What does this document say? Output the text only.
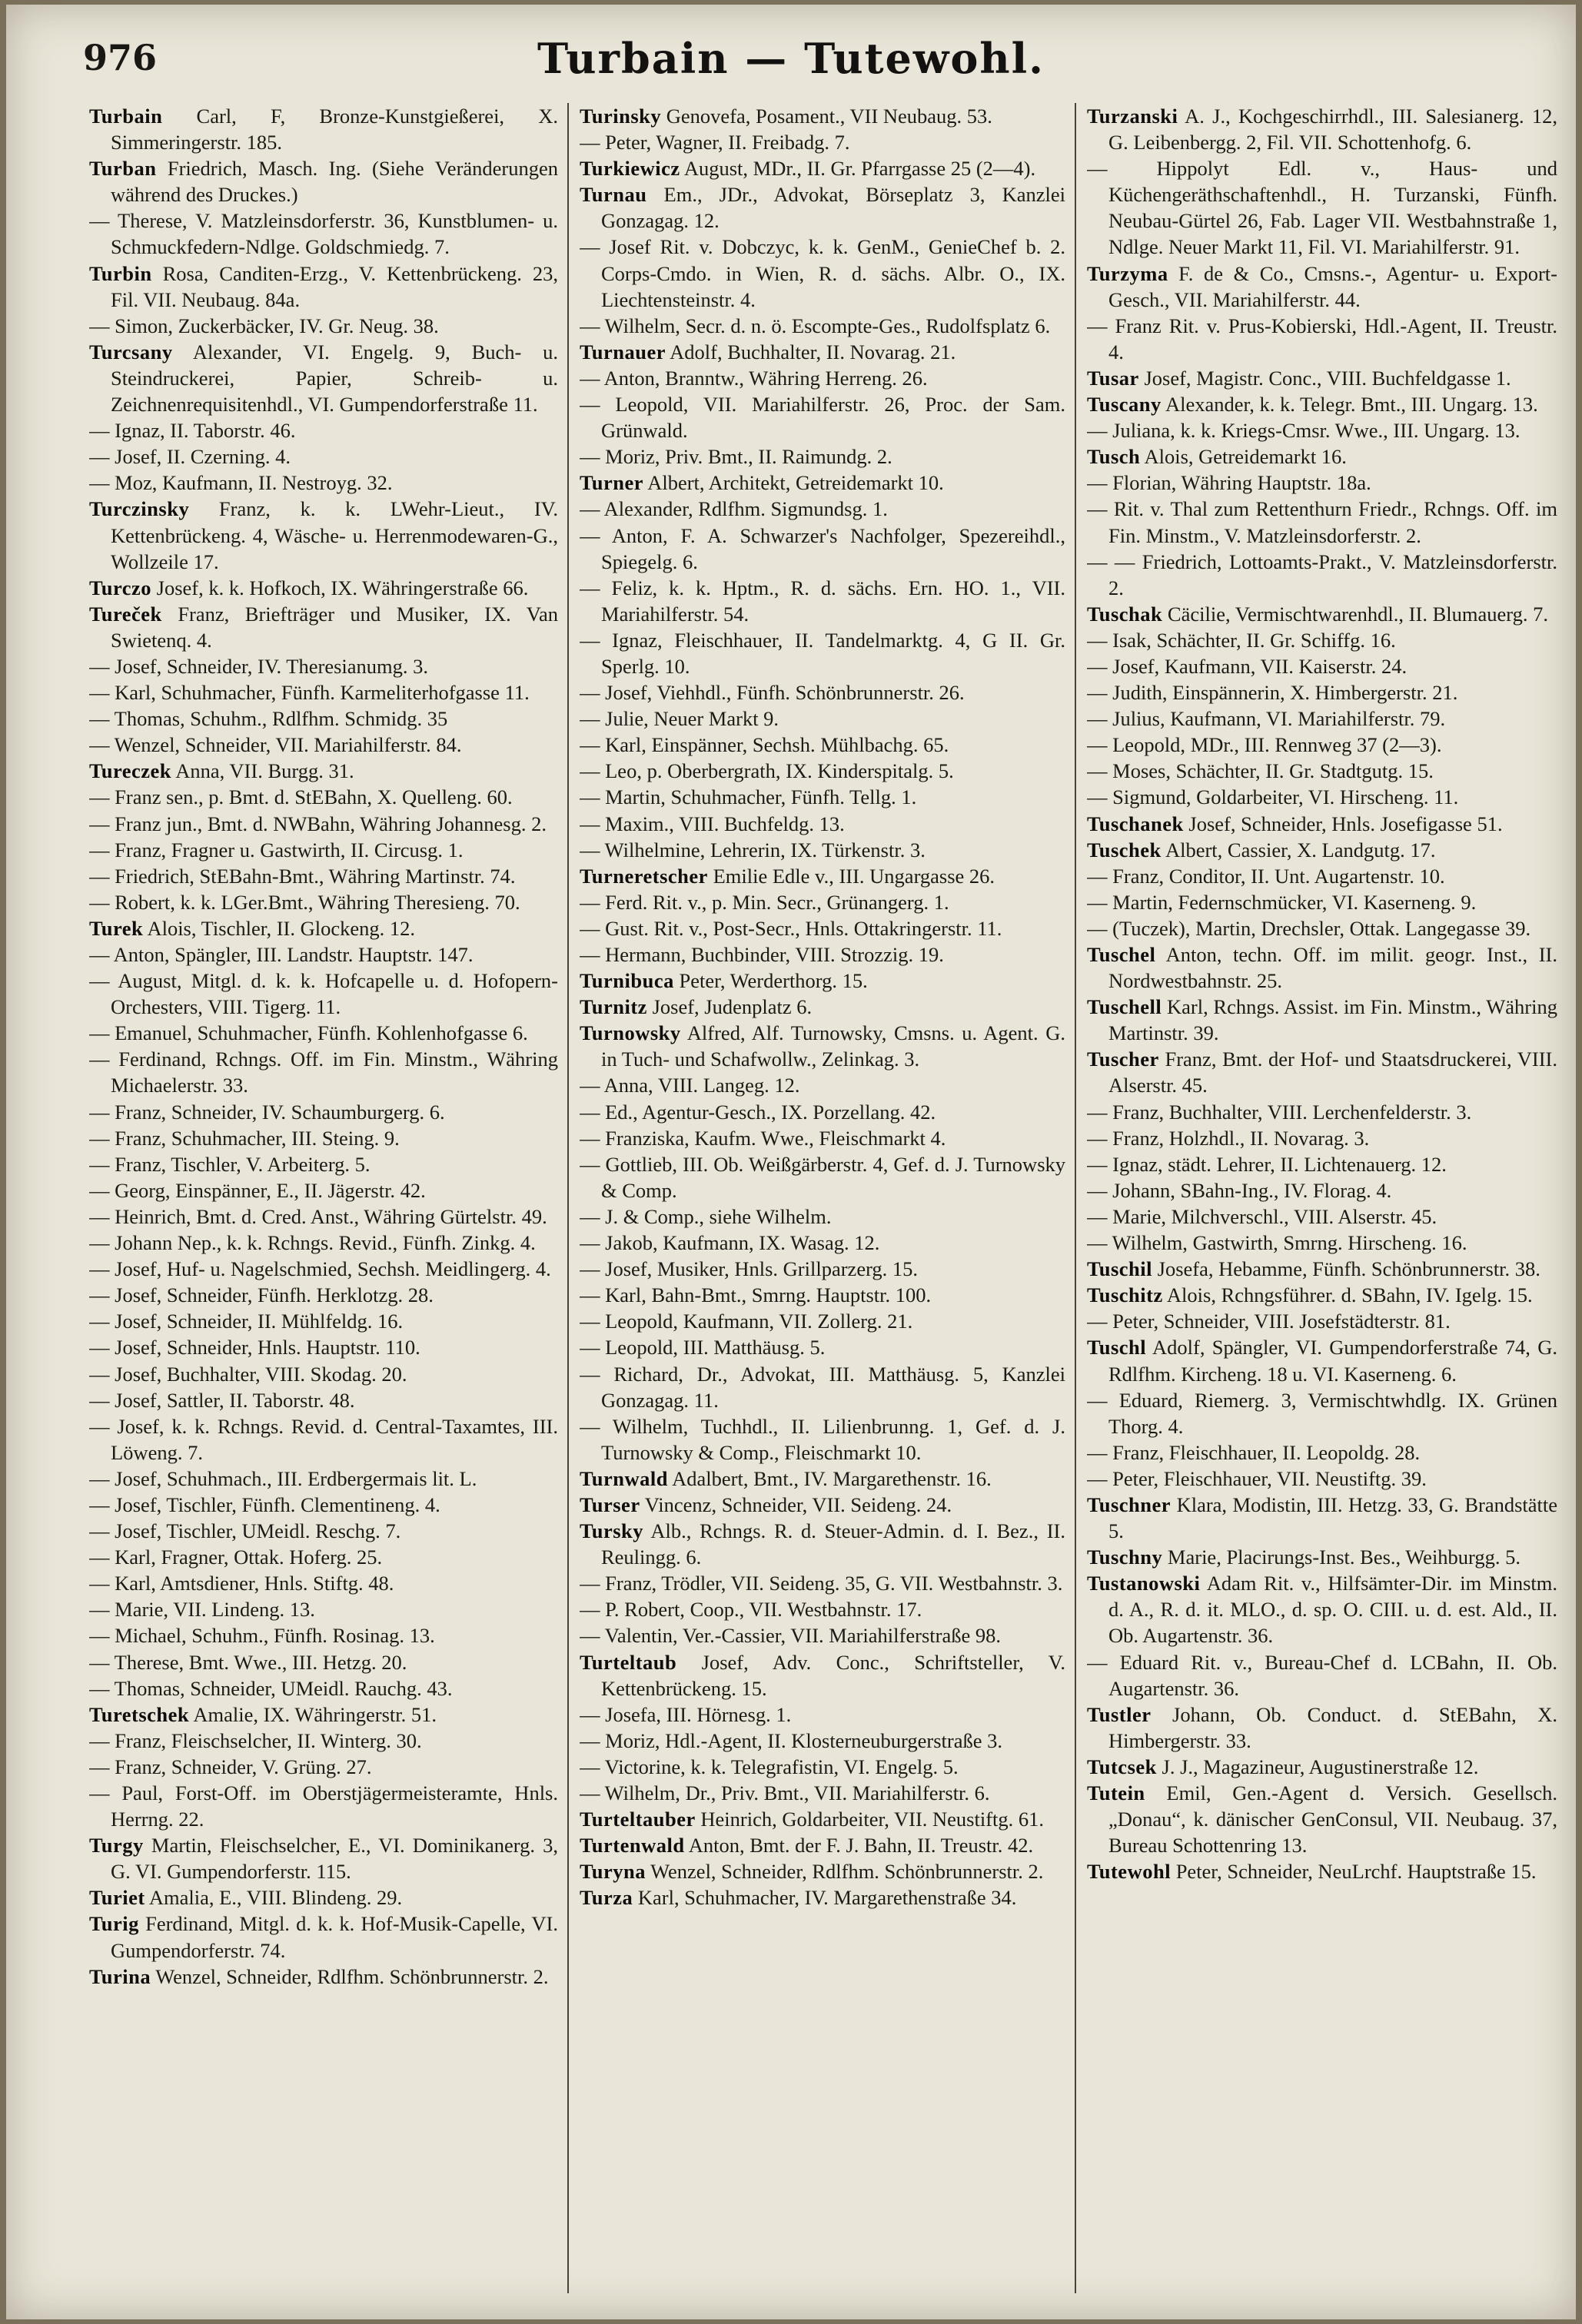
976	Turbain — Tutewohl.

Turbain Carl, F, Bronze-Kunstgießerei, X. Simmeringerstr. 185.

Turban Friedrich, Masch. Ing. (Siehe Veränderungen während des Druckes.)

— Therese, V. Matzleinsdorferstr. 36, Kunstblumen- u. Schmuckfedern-Ndlge. Goldschmiedg. 7.

Turbin Rosa, Canditen-Erzg., V. Kettenbrückeng. 23, Fil. VII. Neubaug. 84a.

— Simon, Zuckerbäcker, IV. Gr. Neug. 38.

Turcsany Alexander, VI. Engelg. 9, Buch- u. Steindruckerei, Papier, Schreib- u. Zeichnenrequisitenhdl., VI. Gumpendorferstraße 11.

— Ignaz, II. Taborstr. 46.

— Josef, II. Czerning. 4.

— Moz, Kaufmann, II. Nestroyg. 32.

Turczinsky Franz, k. k. LWehr-Lieut., IV. Kettenbrückeng. 4, Wäsche- u. Herrenmodewaren-G., Wollzeile 17.

Turczo Josef, k. k. Hofkoch, IX. Währingerstraße 66.

Tureček Franz, Briefträger und Musiker, IX. Van Swietenq. 4.

— Josef, Schneider, IV. Theresianumg. 3.

— Karl, Schuhmacher, Fünfh. Karmeliterhofgasse 11.

— Thomas, Schuhm., Rdlfhm. Schmidg. 35

— Wenzel, Schneider, VII. Mariahilferstr. 84.

Tureczek Anna, VII. Burgg. 31.

— Franz sen., p. Bmt. d. StEBahn, X. Quelleng. 60.

— Franz jun., Bmt. d. NWBahn, Währing Johannesg. 2.

— Franz, Fragner u. Gastwirth, II. Circusg. 1.

— Friedrich, StEBahn-Bmt., Währing Martinstr. 74.

— Robert, k. k. LGer.Bmt., Währing Theresieng. 70.

Turek Alois, Tischler, II. Glockeng. 12.

— Anton, Spängler, III. Landstr. Hauptstr. 147.

— August, Mitgl. d. k. k. Hofcapelle u. d. Hofopern-Orchesters, VIII. Tigerg. 11.

— Emanuel, Schuhmacher, Fünfh. Kohlenhofgasse 6.

— Ferdinand, Rchngs. Off. im Fin. Minstm., Währing Michaelerstr. 33.

— Franz, Schneider, IV. Schaumburgerg. 6.

— Franz, Schuhmacher, III. Steing. 9.

— Franz, Tischler, V. Arbeiterg. 5.

— Georg, Einspänner, E., II. Jägerstr. 42.

— Heinrich, Bmt. d. Cred. Anst., Währing Gürtelstr. 49.

— Johann Nep., k. k. Rchngs. Revid., Fünfh. Zinkg. 4.

— Josef, Huf- u. Nagelschmied, Sechsh. Meidlingerg. 4.

— Josef, Schneider, Fünfh. Herklotzg. 28.

— Josef, Schneider, II. Mühlfeldg. 16.

— Josef, Schneider, Hnls. Hauptstr. 110.

— Josef, Buchhalter, VIII. Skodag. 20.

— Josef, Sattler, II. Taborstr. 48.

— Josef, k. k. Rchngs. Revid. d. Central-Taxamtes, III. Löweng. 7.

— Josef, Schuhmach., III. Erdbergermais lit. L.

— Josef, Tischler, Fünfh. Clementineng. 4.

— Josef, Tischler, UMeidl. Reschg. 7.

— Karl, Fragner, Ottak. Hoferg. 25.

— Karl, Amtsdiener, Hnls. Stiftg. 48.

— Marie, VII. Lindeng. 13.

— Michael, Schuhm., Fünfh. Rosinag. 13.

— Therese, Bmt. Wwe., III. Hetzg. 20.

— Thomas, Schneider, UMeidl. Rauchg. 43.

Turetschek Amalie, IX. Währingerstr. 51.

— Franz, Fleischselcher, II. Winterg. 30.

— Franz, Schneider, V. Grüng. 27.

— Paul, Forst-Off. im Oberstjägermeisteramte, Hnls. Herrng. 22.

Turgy Martin, Fleischselcher, E., VI. Dominikanerg. 3, G. VI. Gumpendorferstr. 115.

Turiet Amalia, E., VIII. Blindeng. 29.

Turig Ferdinand, Mitgl. d. k. k. Hof-Musik-Capelle, VI. Gumpendorferstr. 74.

Turina Wenzel, Schneider, Rdlfhm. Schönbrunnerstr. 2.

Turinsky Genovefa, Posament., VII Neubaug. 53.

— Peter, Wagner, II. Freibadg. 7.

Turkiewicz August, MDr., II. Gr. Pfarrgasse 25 (2—4).

Turnau Em., JDr., Advokat, Börseplatz 3, Kanzlei Gonzagag. 12.

— Josef Rit. v. Dobczyc, k. k. GenM., GenieChef b. 2. Corps-Cmdo. in Wien, R. d. sächs. Albr. O., IX. Liechtensteinstr. 4.

— Wilhelm, Secr. d. n. ö. Escompte-Ges., Rudolfsplatz 6.

Turnauer Adolf, Buchhalter, II. Novarag. 21.

— Anton, Branntw., Währing Herreng. 26.

— Leopold, VII. Mariahilferstr. 26, Proc. der Sam. Grünwald.

— Moriz, Priv. Bmt., II. Raimundg. 2.

Turner Albert, Architekt, Getreidemarkt 10.

— Alexander, Rdlfhm. Sigmundsg. 1.

— Anton, F. A. Schwarzer's Nachfolger, Spezereihdl., Spiegelg. 6.

— Feliz, k. k. Hptm., R. d. sächs. Ern. HO. 1., VII. Mariahilferstr. 54.

— Ignaz, Fleischhauer, II. Tandelmarktg. 4, G II. Gr. Sperlg. 10.

— Josef, Viehhdl., Fünfh. Schönbrunnerstr. 26.

— Julie, Neuer Markt 9.

— Karl, Einspänner, Sechsh. Mühlbachg. 65.

— Leo, p. Oberbergrath, IX. Kinderspitalg. 5.

— Martin, Schuhmacher, Fünfh. Tellg. 1.

— Maxim., VIII. Buchfeldg. 13.

— Wilhelmine, Lehrerin, IX. Türkenstr. 3.

Turneretscher Emilie Edle v., III. Ungargasse 26.

— Ferd. Rit. v., p. Min. Secr., Grünangerg. 1.

— Gust. Rit. v., Post-Secr., Hnls. Ottakringerstr. 11.

— Hermann, Buchbinder, VIII. Strozzig. 19.

Turnibuca Peter, Werderthorg. 15.

Turnitz Josef, Judenplatz 6.

Turnowsky Alfred, Alf. Turnowsky, Cmsns. u. Agent. G. in Tuch- und Schafwollw., Zelinkag. 3.

— Anna, VIII. Langeg. 12.

— Ed., Agentur-Gesch., IX. Porzellang. 42.

— Franziska, Kaufm. Wwe., Fleischmarkt 4.

— Gottlieb, III. Ob. Weißgärberstr. 4, Gef. d. J. Turnowsky & Comp.

— J. & Comp., siehe Wilhelm.

— Jakob, Kaufmann, IX. Wasag. 12.

— Josef, Musiker, Hnls. Grillparzerg. 15.

— Karl, Bahn-Bmt., Smrng. Hauptstr. 100.

— Leopold, Kaufmann, VII. Zollerg. 21.

— Leopold, III. Matthäusg. 5.

— Richard, Dr., Advokat, III. Matthäusg. 5, Kanzlei Gonzagag. 11.

— Wilhelm, Tuchhdl., II. Lilienbrunng. 1, Gef. d. J. Turnowsky & Comp., Fleischmarkt 10.

Turnwald Adalbert, Bmt., IV. Margarethenstr. 16.

Turser Vincenz, Schneider, VII. Seideng. 24.

Tursky Alb., Rchngs. R. d. Steuer-Admin. d. I. Bez., II. Reulingg. 6.

— Franz, Trödler, VII. Seideng. 35, G. VII. Westbahnstr. 3.

— P. Robert, Coop., VII. Westbahnstr. 17.

— Valentin, Ver.-Cassier, VII. Mariahilferstraße 98.

Turteltaub Josef, Adv. Conc., Schriftsteller, V. Kettenbrückeng. 15.

— Josefa, III. Hörnesg. 1.

— Moriz, Hdl.-Agent, II. Klosterneuburgerstraße 3.

— Victorine, k. k. Telegrafistin, VI. Engelg. 5.

— Wilhelm, Dr., Priv. Bmt., VII. Mariahilferstr. 6.

Turteltauber Heinrich, Goldarbeiter, VII. Neustiftg. 61.

Turtenwald Anton, Bmt. der F. J. Bahn, II. Treustr. 42.

Turyna Wenzel, Schneider, Rdlfhm. Schönbrunnerstr. 2.

Turza Karl, Schuhmacher, IV. Margarethenstraße 34.

Turzanski A. J., Kochgeschirrhdl., III. Salesianerg. 12, G. Leibenbergg. 2, Fil. VII. Schottenhofg. 6.

— Hippolyt Edl. v., Haus- und Küchengeräthschaftenhdl., H. Turzanski, Fünfh. Neubau-Gürtel 26, Fab. Lager VII. Westbahnstraße 1, Ndlge. Neuer Markt 11, Fil. VI. Mariahilferstr. 91.

Turzyma F. de & Co., Cmsns.-, Agentur- u. Export-Gesch., VII. Mariahilferstr. 44.

— Franz Rit. v. Prus-Kobierski, Hdl.-Agent, II. Treustr. 4.

Tusar Josef, Magistr. Conc., VIII. Buchfeldgasse 1.

Tuscany Alexander, k. k. Telegr. Bmt., III. Ungarg. 13.

— Juliana, k. k. Kriegs-Cmsr. Wwe., III. Ungarg. 13.

Tusch Alois, Getreidemarkt 16.

— Florian, Währing Hauptstr. 18a.

— Rit. v. Thal zum Rettenthurn Friedr., Rchngs. Off. im Fin. Minstm., V. Matzleinsdorferstr. 2.

— — Friedrich, Lottoamts-Prakt., V. Matzleinsdorferstr. 2.

Tuschak Cäcilie, Vermischtwarenhdl., II. Blumauerg. 7.

— Isak, Schächter, II. Gr. Schiffg. 16.

— Josef, Kaufmann, VII. Kaiserstr. 24.

— Judith, Einspännerin, X. Himbergerstr. 21.

— Julius, Kaufmann, VI. Mariahilferstr. 79.

— Leopold, MDr., III. Rennweg 37 (2—3).

— Moses, Schächter, II. Gr. Stadtgutg. 15.

— Sigmund, Goldarbeiter, VI. Hirscheng. 11.

Tuschanek Josef, Schneider, Hnls. Josefigasse 51.

Tuschek Albert, Cassier, X. Landgutg. 17.

— Franz, Conditor, II. Unt. Augartenstr. 10.

— Martin, Federnschmücker, VI. Kaserneng. 9.

— (Tuczek), Martin, Drechsler, Ottak. Langegasse 39.

Tuschel Anton, techn. Off. im milit. geogr. Inst., II. Nordwestbahnstr. 25.

Tuschell Karl, Rchngs. Assist. im Fin. Minstm., Währing Martinstr. 39.

Tuscher Franz, Bmt. der Hof- und Staatsdruckerei, VIII. Alserstr. 45.

— Franz, Buchhalter, VIII. Lerchenfelderstr. 3.

— Franz, Holzhdl., II. Novarag. 3.

— Ignaz, städt. Lehrer, II. Lichtenauerg. 12.

— Johann, SBahn-Ing., IV. Florag. 4.

— Marie, Milchverschl., VIII. Alserstr. 45.

— Wilhelm, Gastwirth, Smrng. Hirscheng. 16.

Tuschil Josefa, Hebamme, Fünfh. Schönbrunnerstr. 38.

Tuschitz Alois, Rchngsführer. d. SBahn, IV. Igelg. 15.

— Peter, Schneider, VIII. Josefstädterstr. 81.

Tuschl Adolf, Spängler, VI. Gumpendorferstraße 74, G. Rdlfhm. Kircheng. 18 u. VI. Kaserneng. 6.

— Eduard, Riemerg. 3, Vermischtwhdlg. IX. Grünen Thorg. 4.

— Franz, Fleischhauer, II. Leopoldg. 28.

— Peter, Fleischhauer, VII. Neustiftg. 39.

Tuschner Klara, Modistin, III. Hetzg. 33, G. Brandstätte 5.

Tuschny Marie, Placirungs-Inst. Bes., Weihburgg. 5.

Tustanowski Adam Rit. v., Hilfsämter-Dir. im Minstm. d. A., R. d. it. MLO., d. sp. O. CIII. u. d. est. Ald., II. Ob. Augartenstr. 36.

— Eduard Rit. v., Bureau-Chef d. LCBahn, II. Ob. Augartenstr. 36.

Tustler Johann, Ob. Conduct. d. StEBahn, X. Himbergerstr. 33.

Tutcsek J. J., Magazineur, Augustinerstraße 12.

Tutein Emil, Gen.-Agent d. Versich. Gesellsch. „Donau“, k. dänischer GenConsul, VII. Neubaug. 37, Bureau Schottenring 13.

Tutewohl Peter, Schneider, NeuLrchf. Hauptstraße 15.
